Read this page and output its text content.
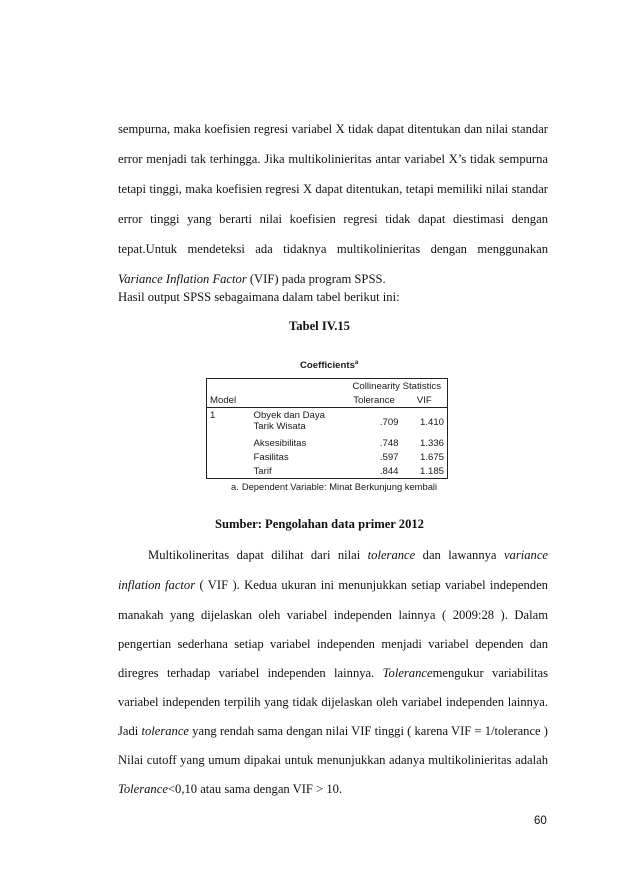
sempurna, maka koefisien regresi variabel X tidak dapat ditentukan dan nilai standar
error menjadi tak terhingga. Jika multikolinieritas antar variabel X’s tidak sempurna
tetapi tinggi, maka koefisien regresi X dapat ditentukan, tetapi memiliki nilai standar
error tinggi yang berarti nilai koefisien regresi tidak dapat diestimasi dengan
tepat.Untuk mendeteksi ada tidaknya multikolinieritas dengan menggunakan
Variance Inflation Factor (VIF) pada program SPSS.
Hasil output SPSS sebagaimana dalam tabel berikut ini:
Tabel IV.15
Coefficients$^a$
		Collinearity Statistics	
Model		Tolerance	VIF
1	Obyek dan Daya
Tarik Wisata	.709	1.410
	Aksesibilitas	.748	1.336
	Fasilitas	.597	1.675
	Tarif	.844	1.185
a. Dependent Variable: Minat Berkunjung kembali
Sumber: Pengolahan data primer 2012
Multikolineritas dapat dilihat dari nilai tolerance dan lawannya variance
inflation factor ( VIF ). Kedua ukuran ini menunjukkan setiap variabel independen
manakah yang dijelaskan oleh variabel independen lainnya ( 2009:28 ). Dalam
pengertian sederhana setiap variabel independen menjadi variabel dependen dan
diregres terhadap variabel independen lainnya. Tolerancemengukur variabilitas
variabel independen terpilih yang tidak dijelaskan oleh variabel independen lainnya.
Jadi tolerance yang rendah sama dengan nilai VIF tinggi ( karena VIF = 1/tolerance )
Nilai cutoff yang umum dipakai untuk menunjukkan adanya multikolinieritas adalah
Tolerance<0,10 atau sama dengan VIF > 10.
60
